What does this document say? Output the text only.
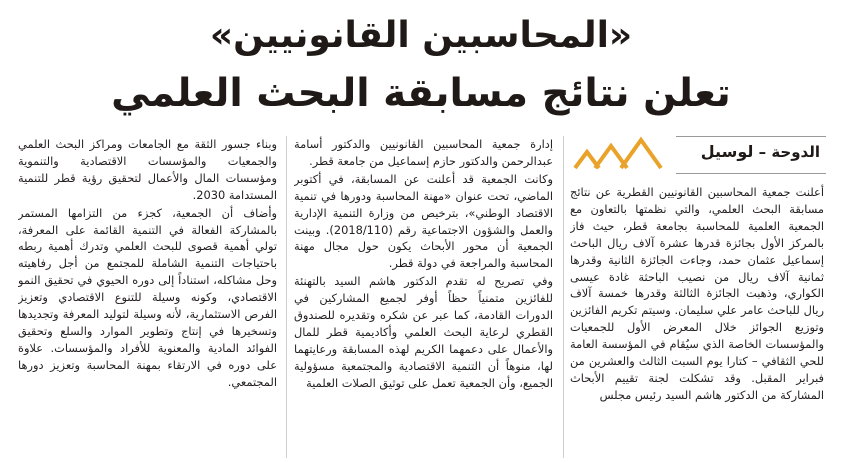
«المحاسبين القانونيين»
تعلن نتائج مسابقة البحث العلمي
الدوحة – لوسيل

أعلنت جمعية المحاسبين القانونيين القطرية عن نتائج مسابقة البحث العلمي، والتي نظمتها بالتعاون مع الجمعية العلمية للمحاسبة بجامعة قطر، حيث فاز بالمركز الأول بجائزة قدرها عشرة آلاف ريال الباحث إسماعيل عثمان حمد، وجاءت الجائزة الثانية وقدرها ثمانية آلاف ريال من نصيب الباحثة غادة عيسى الكواري، وذهبت الجائزة الثالثة وقدرها خمسة آلاف ريال للباحث عامر علي سليمان. وسيتم تكريم الفائزين وتوزيع الجوائز خلال المعرض الأول للجمعيات والمؤسسات الخاصة الذي سيُقام في المؤسسة العامة للحي الثقافي – كتارا يوم السبت الثالث والعشرين من فبراير المقبل. وقد تشكلت لجنة تقييم الأبحاث المشاركة من الدكتور هاشم السيد رئيس مجلس

إدارة جمعية المحاسبين القانونيين والدكتور أسامة عبدالرحمن والدكتور حازم إسماعيل من جامعة قطر.

وكانت الجمعية قد أعلنت عن المسابقة، في أكتوبر الماضي، تحت عنوان «مهنة المحاسبة ودورها في تنمية الاقتصاد الوطني»، بترخيص من وزارة التنمية الإدارية والعمل والشؤون الاجتماعية رقم (2018/110). وبينت الجمعية أن محور الأبحاث يكون حول مجال مهنة المحاسبة والمراجعة في دولة قطر.

وفي تصريح له تقدم الدكتور هاشم السيد بالتهنئة للفائزين متمنياً حظاً أوفر لجميع المشاركين في الدورات القادمة، كما عبر عن شكره وتقديره للصندوق القطري لرعاية البحث العلمي وأكاديمية قطر للمال والأعمال على دعمهما الكريم لهذه المسابقة ورعايتهما لها، منوهاً أن التنمية الاقتصادية والمجتمعية مسؤولية الجميع، وأن الجمعية تعمل على توثيق الصلات العلمية

وبناء جسور الثقة مع الجامعات ومراكز البحث العلمي والجمعيات والمؤسسات الاقتصادية والتنموية ومؤسسات المال والأعمال لتحقيق رؤية قطر للتنمية المستدامة 2030.

وأضاف أن الجمعية، كجزء من التزامها المستمر بالمشاركة الفعالة في التنمية القائمة على المعرفة، تولي أهمية قصوى للبحث العلمي وتدرك أهمية ربطه باحتياجات التنمية الشاملة للمجتمع من أجل رفاهيته وحل مشاكله، استناداً إلى دوره الحيوي في تحقيق النمو الاقتصادي، وكونه وسيلة للتنوع الاقتصادي وتعزيز الفرص الاستثمارية، لأنه وسيلة لتوليد المعرفة وتجديدها وتسخيرها في إنتاج وتطوير الموارد والسلع وتحقيق الفوائد المادية والمعنوية للأفراد والمؤسسات. علاوة على دوره في الارتقاء بمهنة المحاسبة وتعزيز دورها المجتمعي.
